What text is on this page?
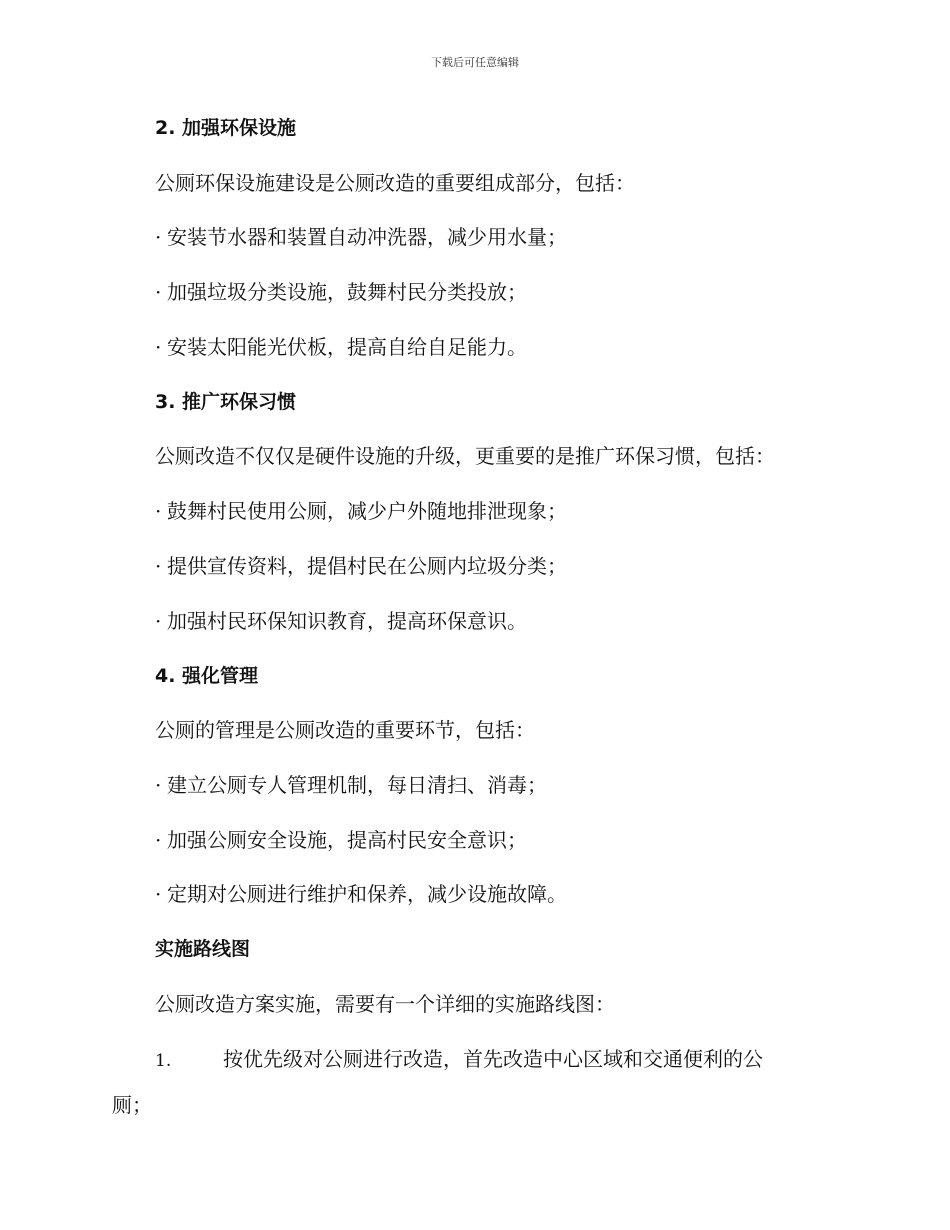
下载后可任意编辑
2. 加强环保设施
公厕环保设施建设是公厕改造的重要组成部分，包括：
· 安装节水器和装置自动冲洗器，减少用水量；
· 加强垃圾分类设施，鼓舞村民分类投放；
· 安装太阳能光伏板，提高自给自足能力。
3. 推广环保习惯
公厕改造不仅仅是硬件设施的升级，更重要的是推广环保习惯，包括：
· 鼓舞村民使用公厕，减少户外随地排泄现象；
· 提供宣传资料，提倡村民在公厕内垃圾分类；
· 加强村民环保知识教育，提高环保意识。
4. 强化管理
公厕的管理是公厕改造的重要环节，包括：
· 建立公厕专人管理机制，每日清扫、消毒；
· 加强公厕安全设施，提高村民安全意识；
· 定期对公厕进行维护和保养，减少设施故障。
实施路线图
公厕改造方案实施，需要有一个详细的实施路线图：
1.	按优先级对公厕进行改造，首先改造中心区域和交通便利的公
厕；
